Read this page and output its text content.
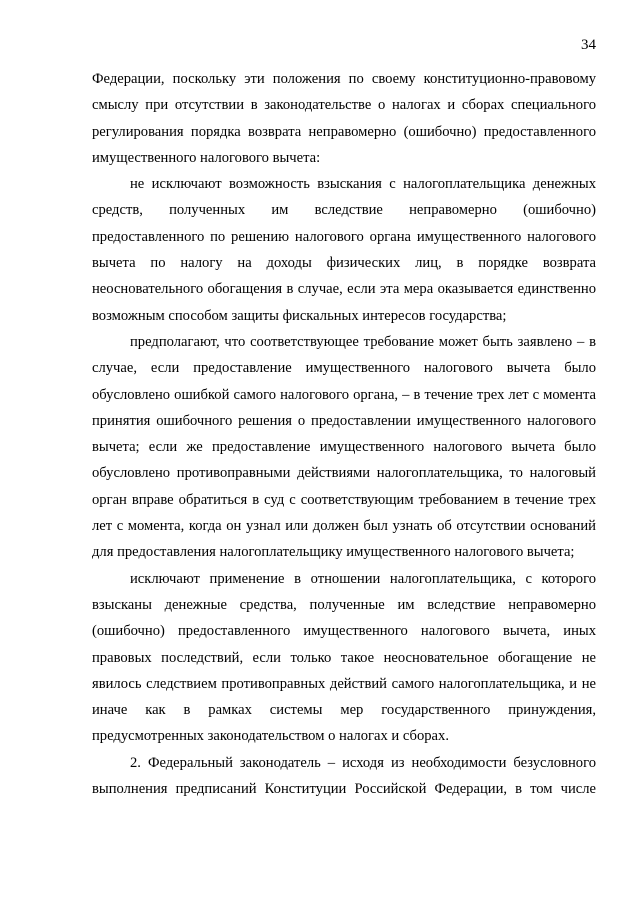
34

Федерации, поскольку эти положения по своему конституционно-правовому смыслу при отсутствии в законодательстве о налогах и сборах специального регулирования порядка возврата неправомерно (ошибочно) предоставленного имущественного налогового вычета:

не исключают возможность взыскания с налогоплательщика денежных средств, полученных им вследствие неправомерно (ошибочно) предоставленного по решению налогового органа имущественного налогового вычета по налогу на доходы физических лиц, в порядке возврата неосновательного обогащения в случае, если эта мера оказывается единственно возможным способом защиты фискальных интересов государства;

предполагают, что соответствующее требование может быть заявлено – в случае, если предоставление имущественного налогового вычета было обусловлено ошибкой самого налогового органа, – в течение трех лет с момента принятия ошибочного решения о предоставлении имущественного налогового вычета; если же предоставление имущественного налогового вычета было обусловлено противоправными действиями налогоплательщика, то налоговый орган вправе обратиться в суд с соответствующим требованием в течение трех лет с момента, когда он узнал или должен был узнать об отсутствии оснований для предоставления налогоплательщику имущественного налогового вычета;

исключают применение в отношении налогоплательщика, с которого взысканы денежные средства, полученные им вследствие неправомерно (ошибочно) предоставленного имущественного налогового вычета, иных правовых последствий, если только такое неосновательное обогащение не явилось следствием противоправных действий самого налогоплательщика, и не иначе как в рамках системы мер государственного принуждения, предусмотренных законодательством о налогах и сборах.

2. Федеральный законодатель – исходя из необходимости безусловного выполнения предписаний Конституции Российской Федерации, в том числе
